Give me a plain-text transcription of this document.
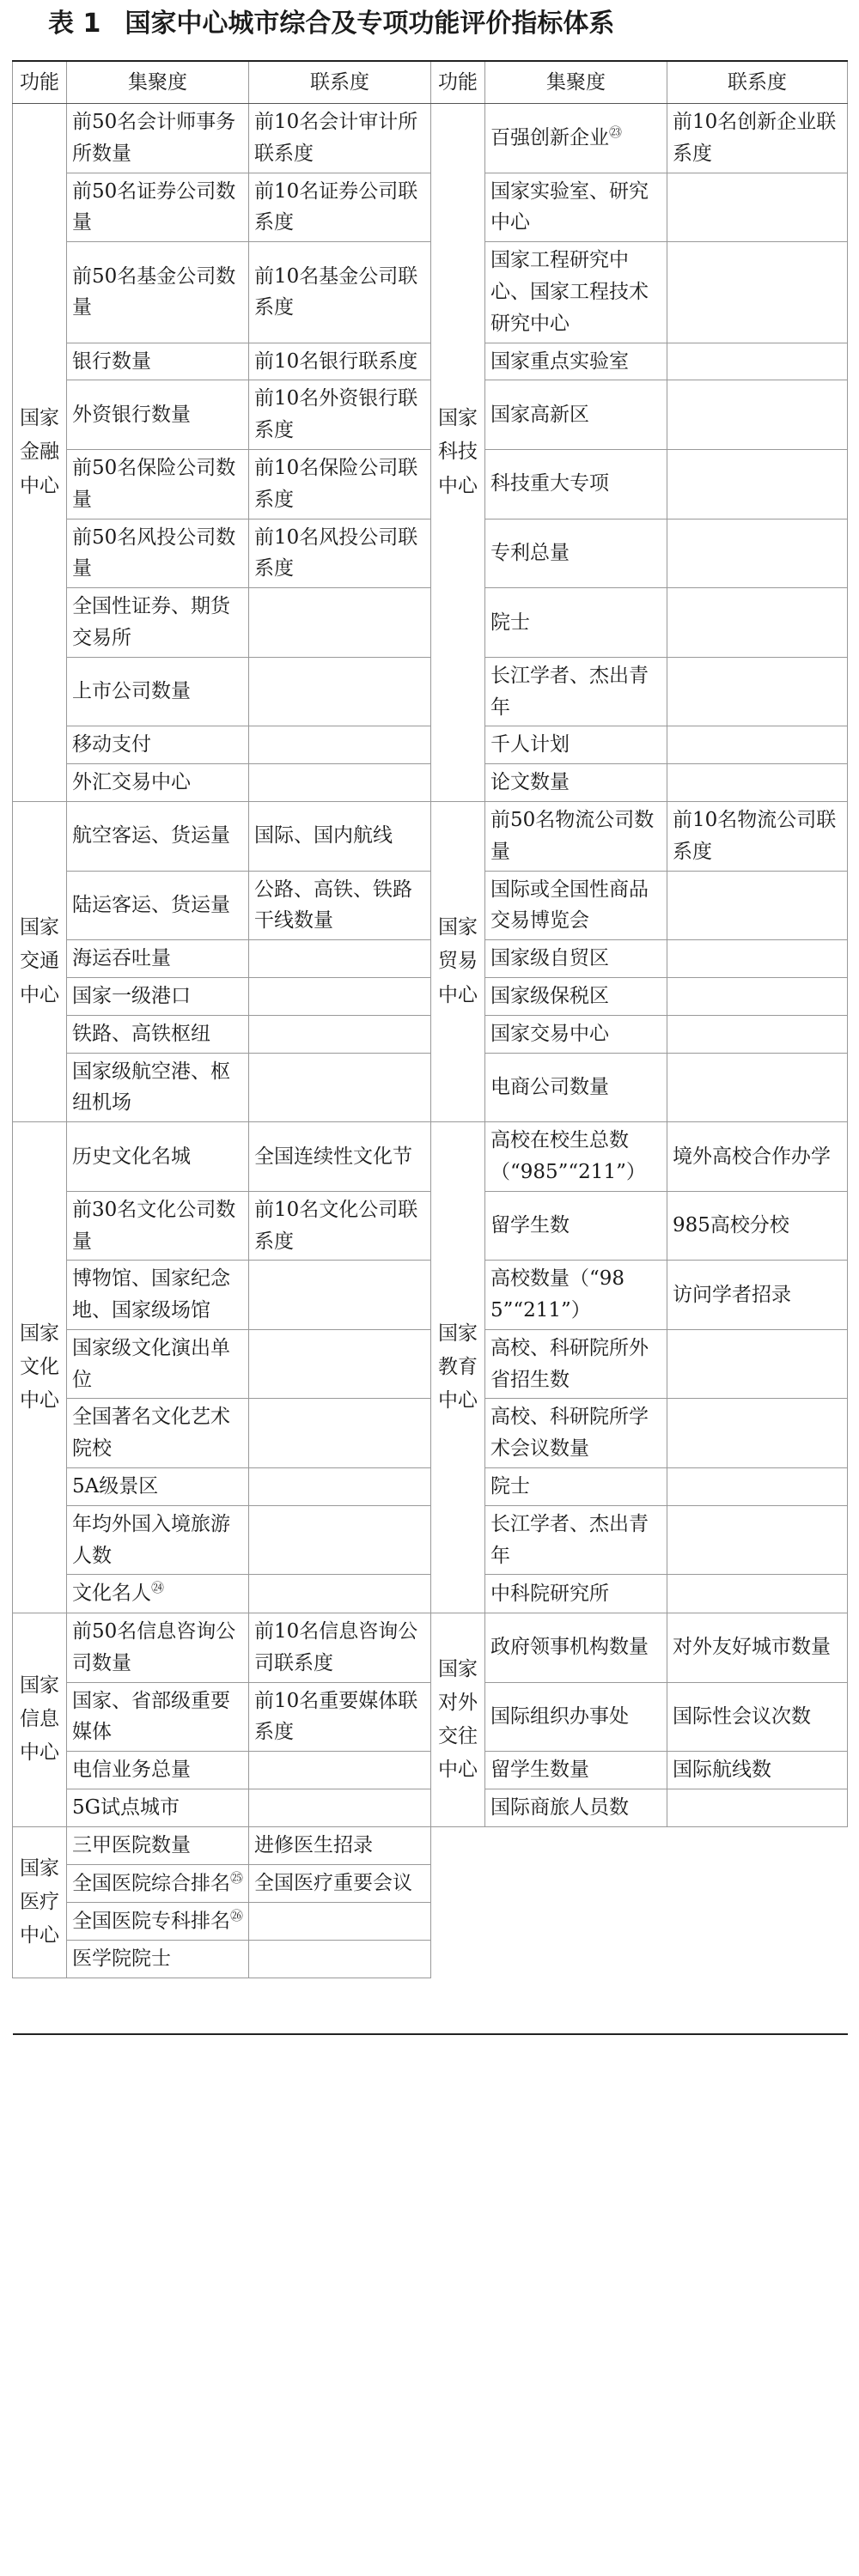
表 1 国家中心城市综合及专项功能评价指标体系
功能	集聚度	联系度	功能	集聚度	联系度
国家金融中心	前50名会计师事务所数量	前10名会计审计所联系度	国家科技中心	百强创新企业$^㉓$	前10名创新企业联系度
	前50名证券公司数量	前10名证券公司联系度		国家实验室、研究中心	
	前50名基金公司数量	前10名基金公司联系度		国家工程研究中心、国家工程技术研究中心	
	银行数量	前10名银行联系度		国家重点实验室	
	外资银行数量	前10名外资银行联系度		国家高新区	
	前50名保险公司数量	前10名保险公司联系度		科技重大专项	
	前50名风投公司数量	前10名风投公司联系度		专利总量	
	全国性证券、期货交易所			院士	
	上市公司数量			长江学者、杰出青年	
	移动支付			千人计划	
	外汇交易中心			论文数量	
国家交通中心	航空客运、货运量	国际、国内航线	国家贸易中心	前50名物流公司数量	前10名物流公司联系度
	陆运客运、货运量	公路、高铁、铁路干线数量		国际或全国性商品交易博览会	
	海运吞吐量			国家级自贸区	
	国家一级港口			国家级保税区	
	铁路、高铁枢纽			国家交易中心	
	国家级航空港、枢纽机场			电商公司数量	
国家文化中心	历史文化名城	全国连续性文化节	国家教育中心	高校在校生总数（“985”“211”）	境外高校合作办学
	前30名文化公司数量	前10名文化公司联系度		留学生数	985高校分校
	博物馆、国家纪念地、国家级场馆			高校数量（“985”“211”）	访问学者招录
	国家级文化演出单位			高校、科研院所外省招生数	
	全国著名文化艺术院校			高校、科研院所学术会议数量	
	5A级景区			院士	
	年均外国入境旅游人数			长江学者、杰出青年	
	文化名人$^㉔$			中科院研究所	
国家信息中心	前50名信息咨询公司数量	前10名信息咨询公司联系度	国家对外交往中心	政府领事机构数量	对外友好城市数量
	国家、省部级重要媒体	前10名重要媒体联系度		国际组织办事处	国际性会议次数
	电信业务总量			留学生数量	国际航线数
	5G试点城市			国际商旅人员数	
国家医疗中心	三甲医院数量	进修医生招录			
	全国医院综合排名$^㉕$	全国医疗重要会议			
	全国医院专科排名$^㉖$	
	医学院院士				
